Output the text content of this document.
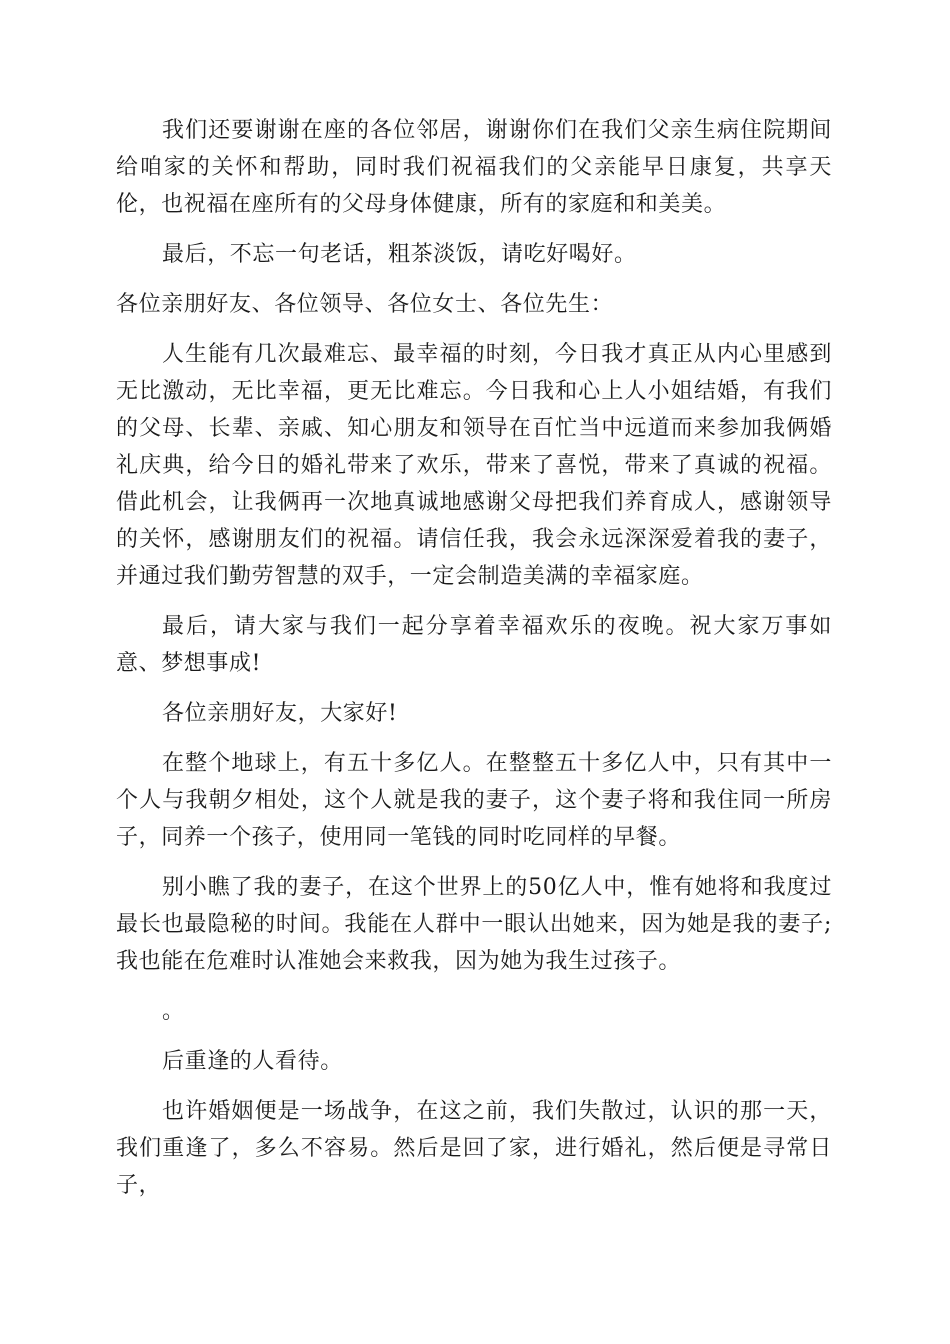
我们还要谢谢在座的各位邻居，谢谢你们在我们父亲生病住院期间给咱家的关怀和帮助，同时我们祝福我们的父亲能早日康复，共享天伦，也祝福在座所有的父母身体健康，所有的家庭和和美美。

最后，不忘一句老话，粗茶淡饭，请吃好喝好。

各位亲朋好友、各位领导、各位女士、各位先生：

人生能有几次最难忘、最幸福的时刻，今日我才真正从内心里感到无比激动，无比幸福，更无比难忘。今日我和心上人小姐结婚，有我们的父母、长辈、亲戚、知心朋友和领导在百忙当中远道而来参加我俩婚礼庆典，给今日的婚礼带来了欢乐，带来了喜悦，带来了真诚的祝福。借此机会，让我俩再一次地真诚地感谢父母把我们养育成人，感谢领导的关怀，感谢朋友们的祝福。请信任我，我会永远深深爱着我的妻子，并通过我们勤劳智慧的双手，一定会制造美满的幸福家庭。

最后，请大家与我们一起分享着幸福欢乐的夜晚。祝大家万事如意、梦想事成!

各位亲朋好友，大家好!

在整个地球上，有五十多亿人。在整整五十多亿人中，只有其中一个人与我朝夕相处，这个人就是我的妻子，这个妻子将和我住同一所房子，同养一个孩子，使用同一笔钱的同时吃同样的早餐。

别小瞧了我的妻子，在这个世界上的50亿人中，惟有她将和我度过最长也最隐秘的时间。我能在人群中一眼认出她来，因为她是我的妻子;我也能在危难时认准她会来救我，因为她为我生过孩子。

。

后重逢的人看待。

也许婚姻便是一场战争，在这之前，我们失散过，认识的那一天，我们重逢了，多么不容易。然后是回了家，进行婚礼，然后便是寻常日子，
